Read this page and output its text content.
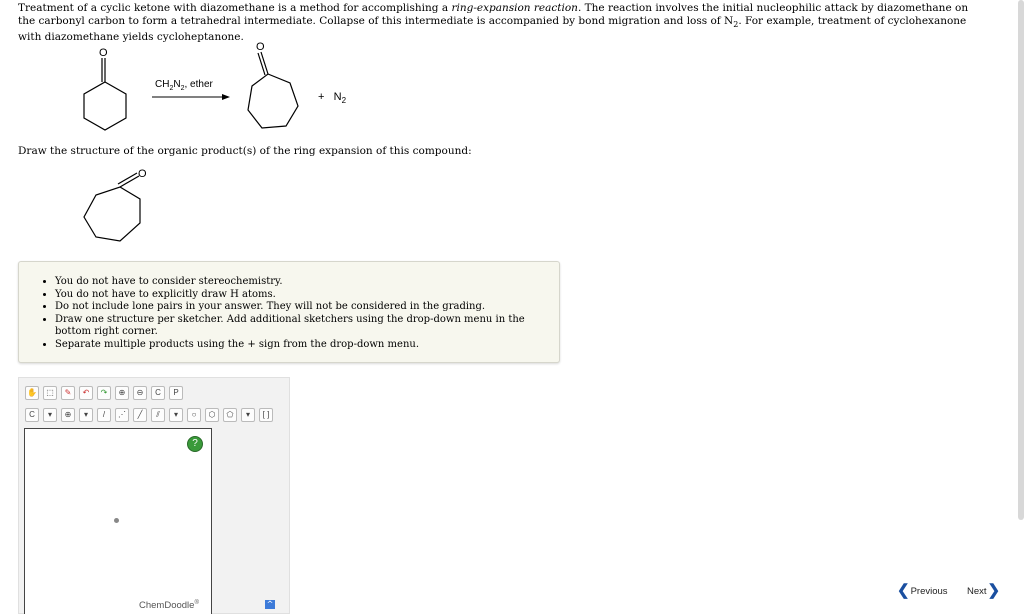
Treatment of a cyclic ketone with diazomethane is a method for accomplishing a ring-expansion reaction. The reaction involves the initial nucleophilic attack by diazomethane on the carbonyl carbon to form a tetrahedral intermediate. Collapse of this intermediate is accompanied by bond migration and loss of $N_2$. For example, treatment of cyclohexanone with diazomethane yields cycloheptanone.
O	O
$CH_2N_2$, ether
+ $N_2$
Draw the structure of the organic product(s) of the ring expansion of this compound:
O
• You do not have to consider stereochemistry.
• You do not have to explicitly draw H atoms.
• Do not include lone pairs in your answer. They will not be considered in the grading.
• Draw one structure per sketcher. Add additional sketchers using the drop-down menu in the bottom right corner.
• Separate multiple products using the + sign from the drop-down menu.
✋	⬚	✎	↶	↷	⊕	⊖	C	P
C	▾	⊕	▾	/	⋰	╱	⫽	▾	○	⬡	⬠	▾	[ ]
?
ChemDoodle®	^
❮ Previous Next ❯
